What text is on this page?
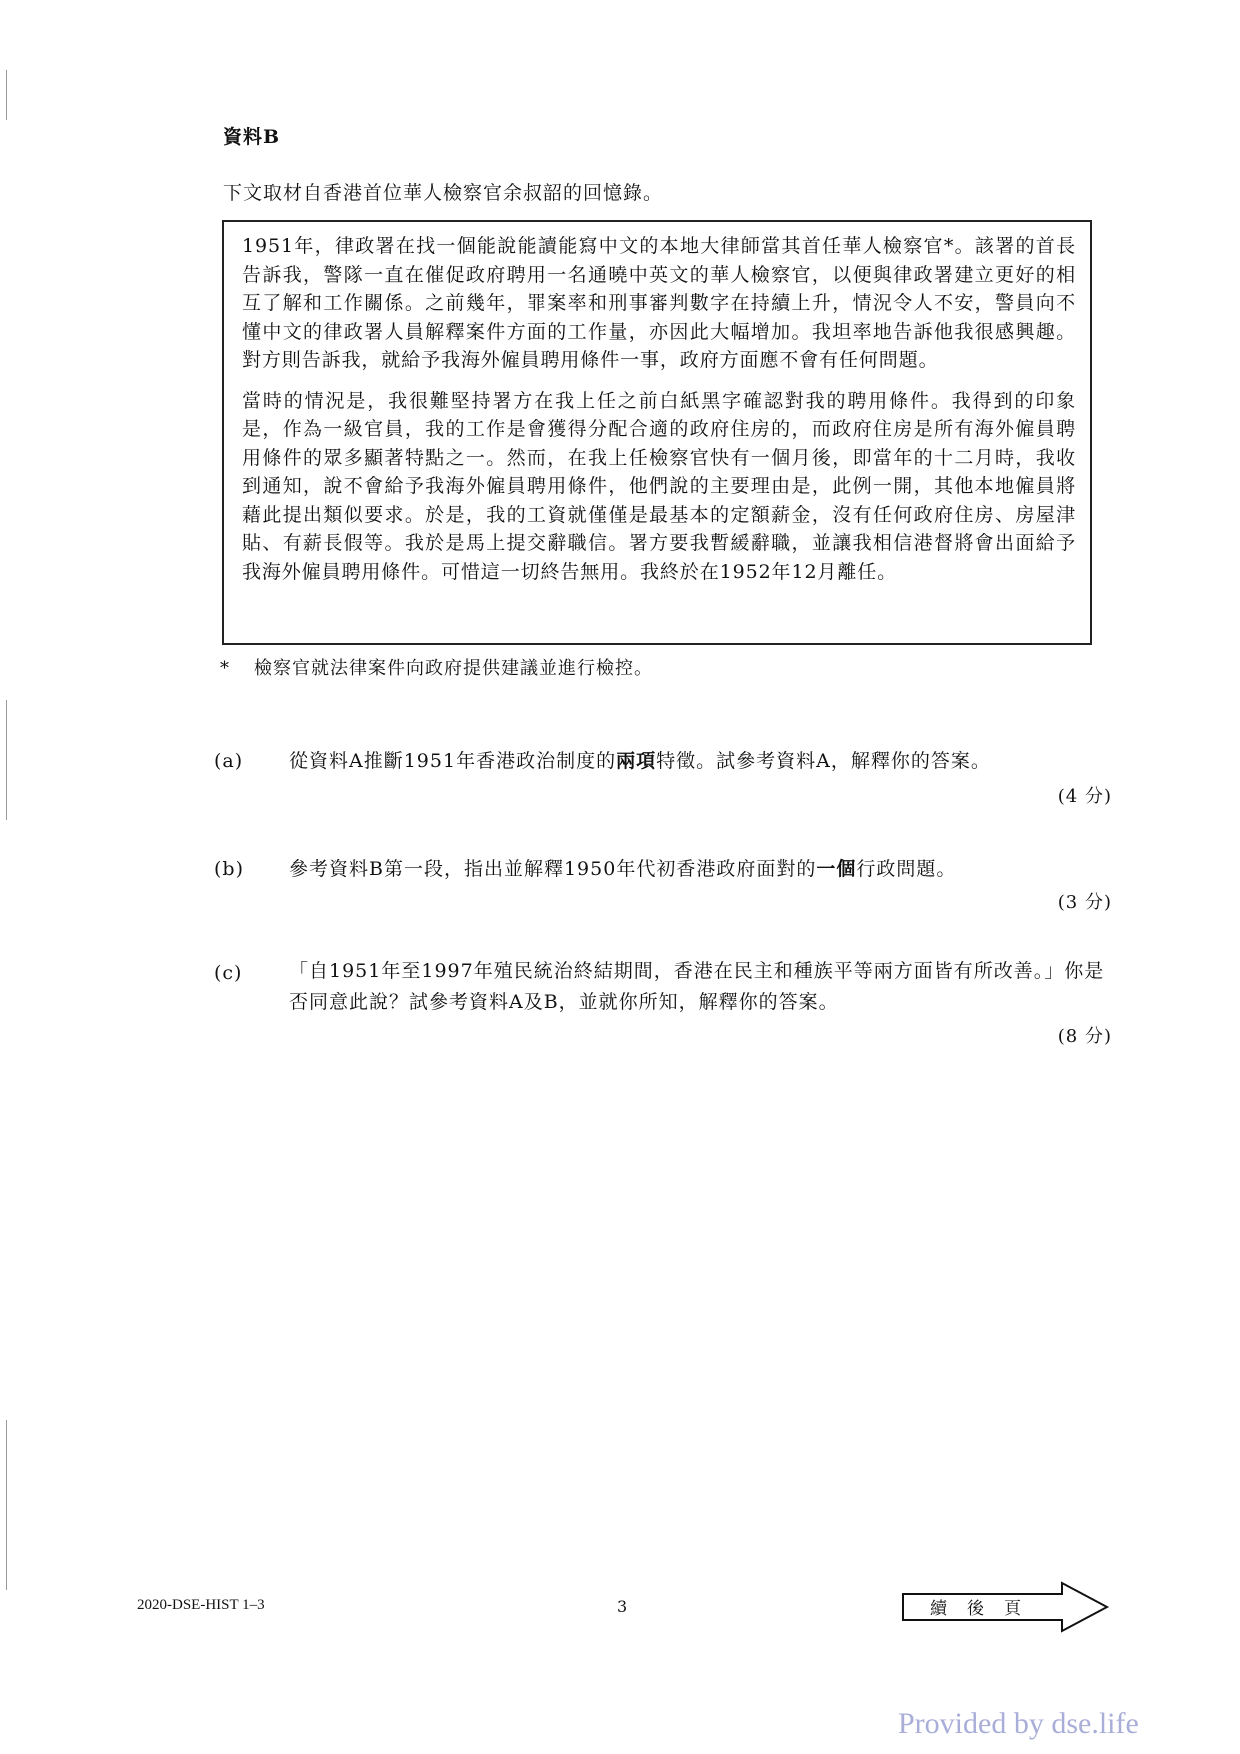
資料B
下文取材自香港首位華人檢察官余叔韶的回憶錄。

1951年，律政署在找一個能說能讀能寫中文的本地大律師當其首任華人檢察官*。該署的首長告訴我，警隊一直在催促政府聘用一名通曉中英文的華人檢察官，以便與律政署建立更好的相互了解和工作關係。之前幾年，罪案率和刑事審判數字在持續上升，情況令人不安，警員向不懂中文的律政署人員解釋案件方面的工作量，亦因此大幅增加。我坦率地告訴他我很感興趣。對方則告訴我，就給予我海外僱員聘用條件一事，政府方面應不會有任何問題。

當時的情況是，我很難堅持署方在我上任之前白紙黑字確認對我的聘用條件。我得到的印象是，作為一級官員，我的工作是會獲得分配合適的政府住房的，而政府住房是所有海外僱員聘用條件的眾多顯著特點之一。然而，在我上任檢察官快有一個月後，即當年的十二月時，我收到通知，說不會給予我海外僱員聘用條件，他們說的主要理由是，此例一開，其他本地僱員將藉此提出類似要求。於是，我的工資就僅僅是最基本的定額薪金，沒有任何政府住房、房屋津貼、有薪長假等。我於是馬上提交辭職信。署方要我暫緩辭職，並讓我相信港督將會出面給予我海外僱員聘用條件。可惜這一切終告無用。我終於在1952年12月離任。

* 檢察官就法律案件向政府提供建議並進行檢控。
(a)	從資料A推斷1951年香港政治制度的兩項特徵。試參考資料A，解釋你的答案。
(4 分)
(b)	參考資料B第一段，指出並解釋1950年代初香港政府面對的一個行政問題。
(3 分)
(c)	「自1951年至1997年殖民統治終結期間，香港在民主和種族平等兩方面皆有所改善。」你是否同意此說？試參考資料A及B，並就你所知，解釋你的答案。
(8 分)
2020-DSE-HIST 1–3	3	續後頁
Provided by dse.life
